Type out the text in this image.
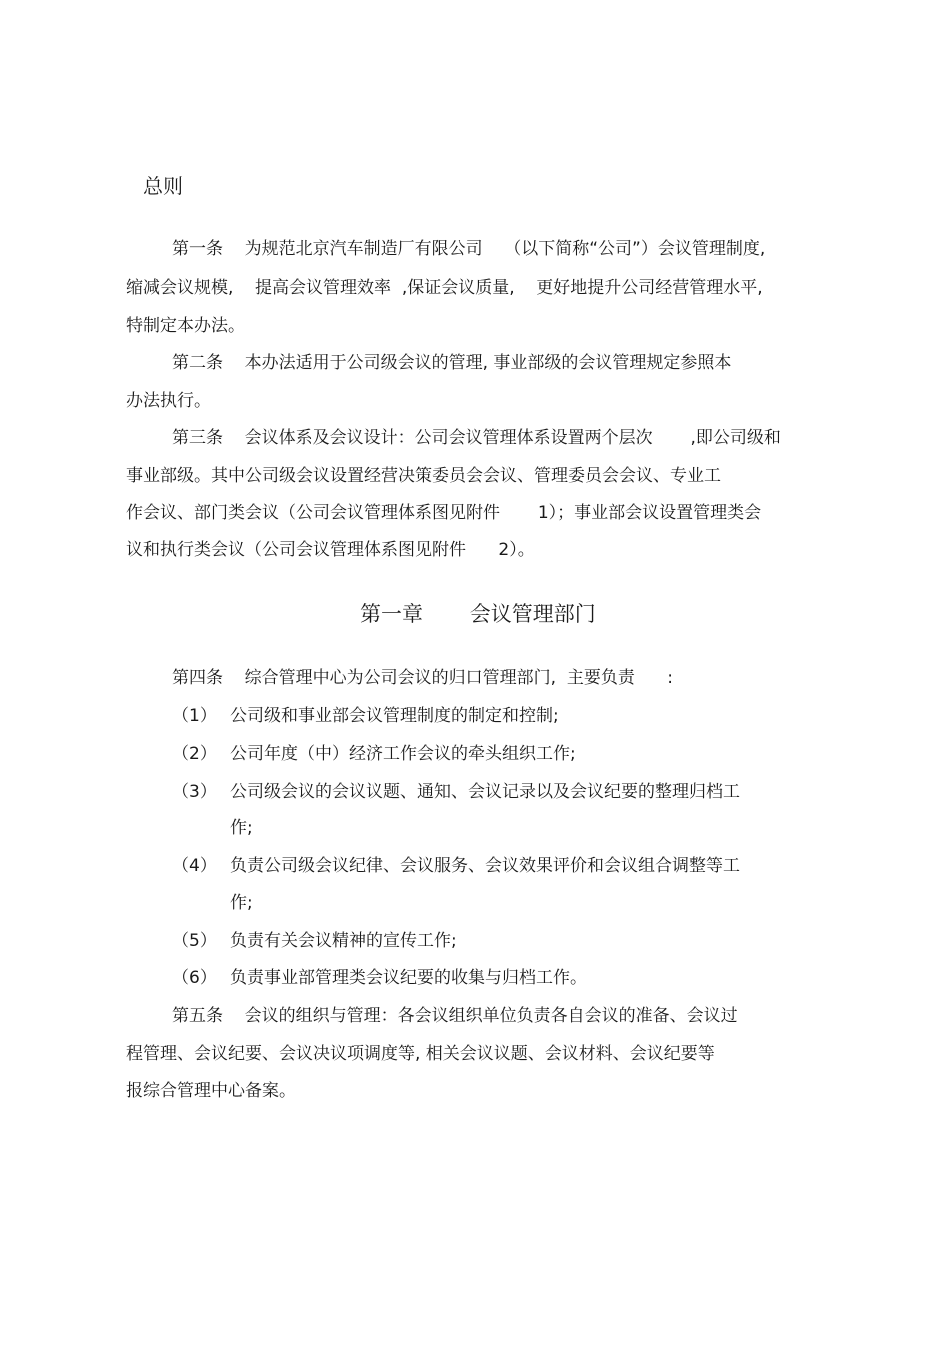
总则
第一条    为规范北京汽车制造厂有限公司    （以下简称“公司”）会议管理制度,
缩减会议规模,    提高会议管理效率  ,保证会议质量,    更好地提升公司经营管理水平,
特制定本办法。
第二条    本办法适用于公司级会议的管理, 事业部级的会议管理规定参照本
办法执行。
第三条    会议体系及会议设计：公司会议管理体系设置两个层次       ,即公司级和
事业部级。其中公司级会议设置经营决策委员会会议、管理委员会会议、专业工
作会议、部门类会议（公司会议管理体系图见附件       1）；事业部会议设置管理类会
议和执行类会议（公司会议管理体系图见附件      2）。
第一章       会议管理部门
第四条    综合管理中心为公司会议的归口管理部门,  主要负责      :
（1） 公司级和事业部会议管理制度的制定和控制;
（2） 公司年度（中）经济工作会议的牵头组织工作;
（3） 公司级会议的会议议题、通知、会议记录以及会议纪要的整理归档工
作;
（4） 负责公司级会议纪律、会议服务、会议效果评价和会议组合调整等工
作;
（5） 负责有关会议精神的宣传工作;
（6） 负责事业部管理类会议纪要的收集与归档工作。
第五条    会议的组织与管理：各会议组织单位负责各自会议的准备、会议过
程管理、会议纪要、会议决议项调度等, 相关会议议题、会议材料、会议纪要等
报综合管理中心备案。
